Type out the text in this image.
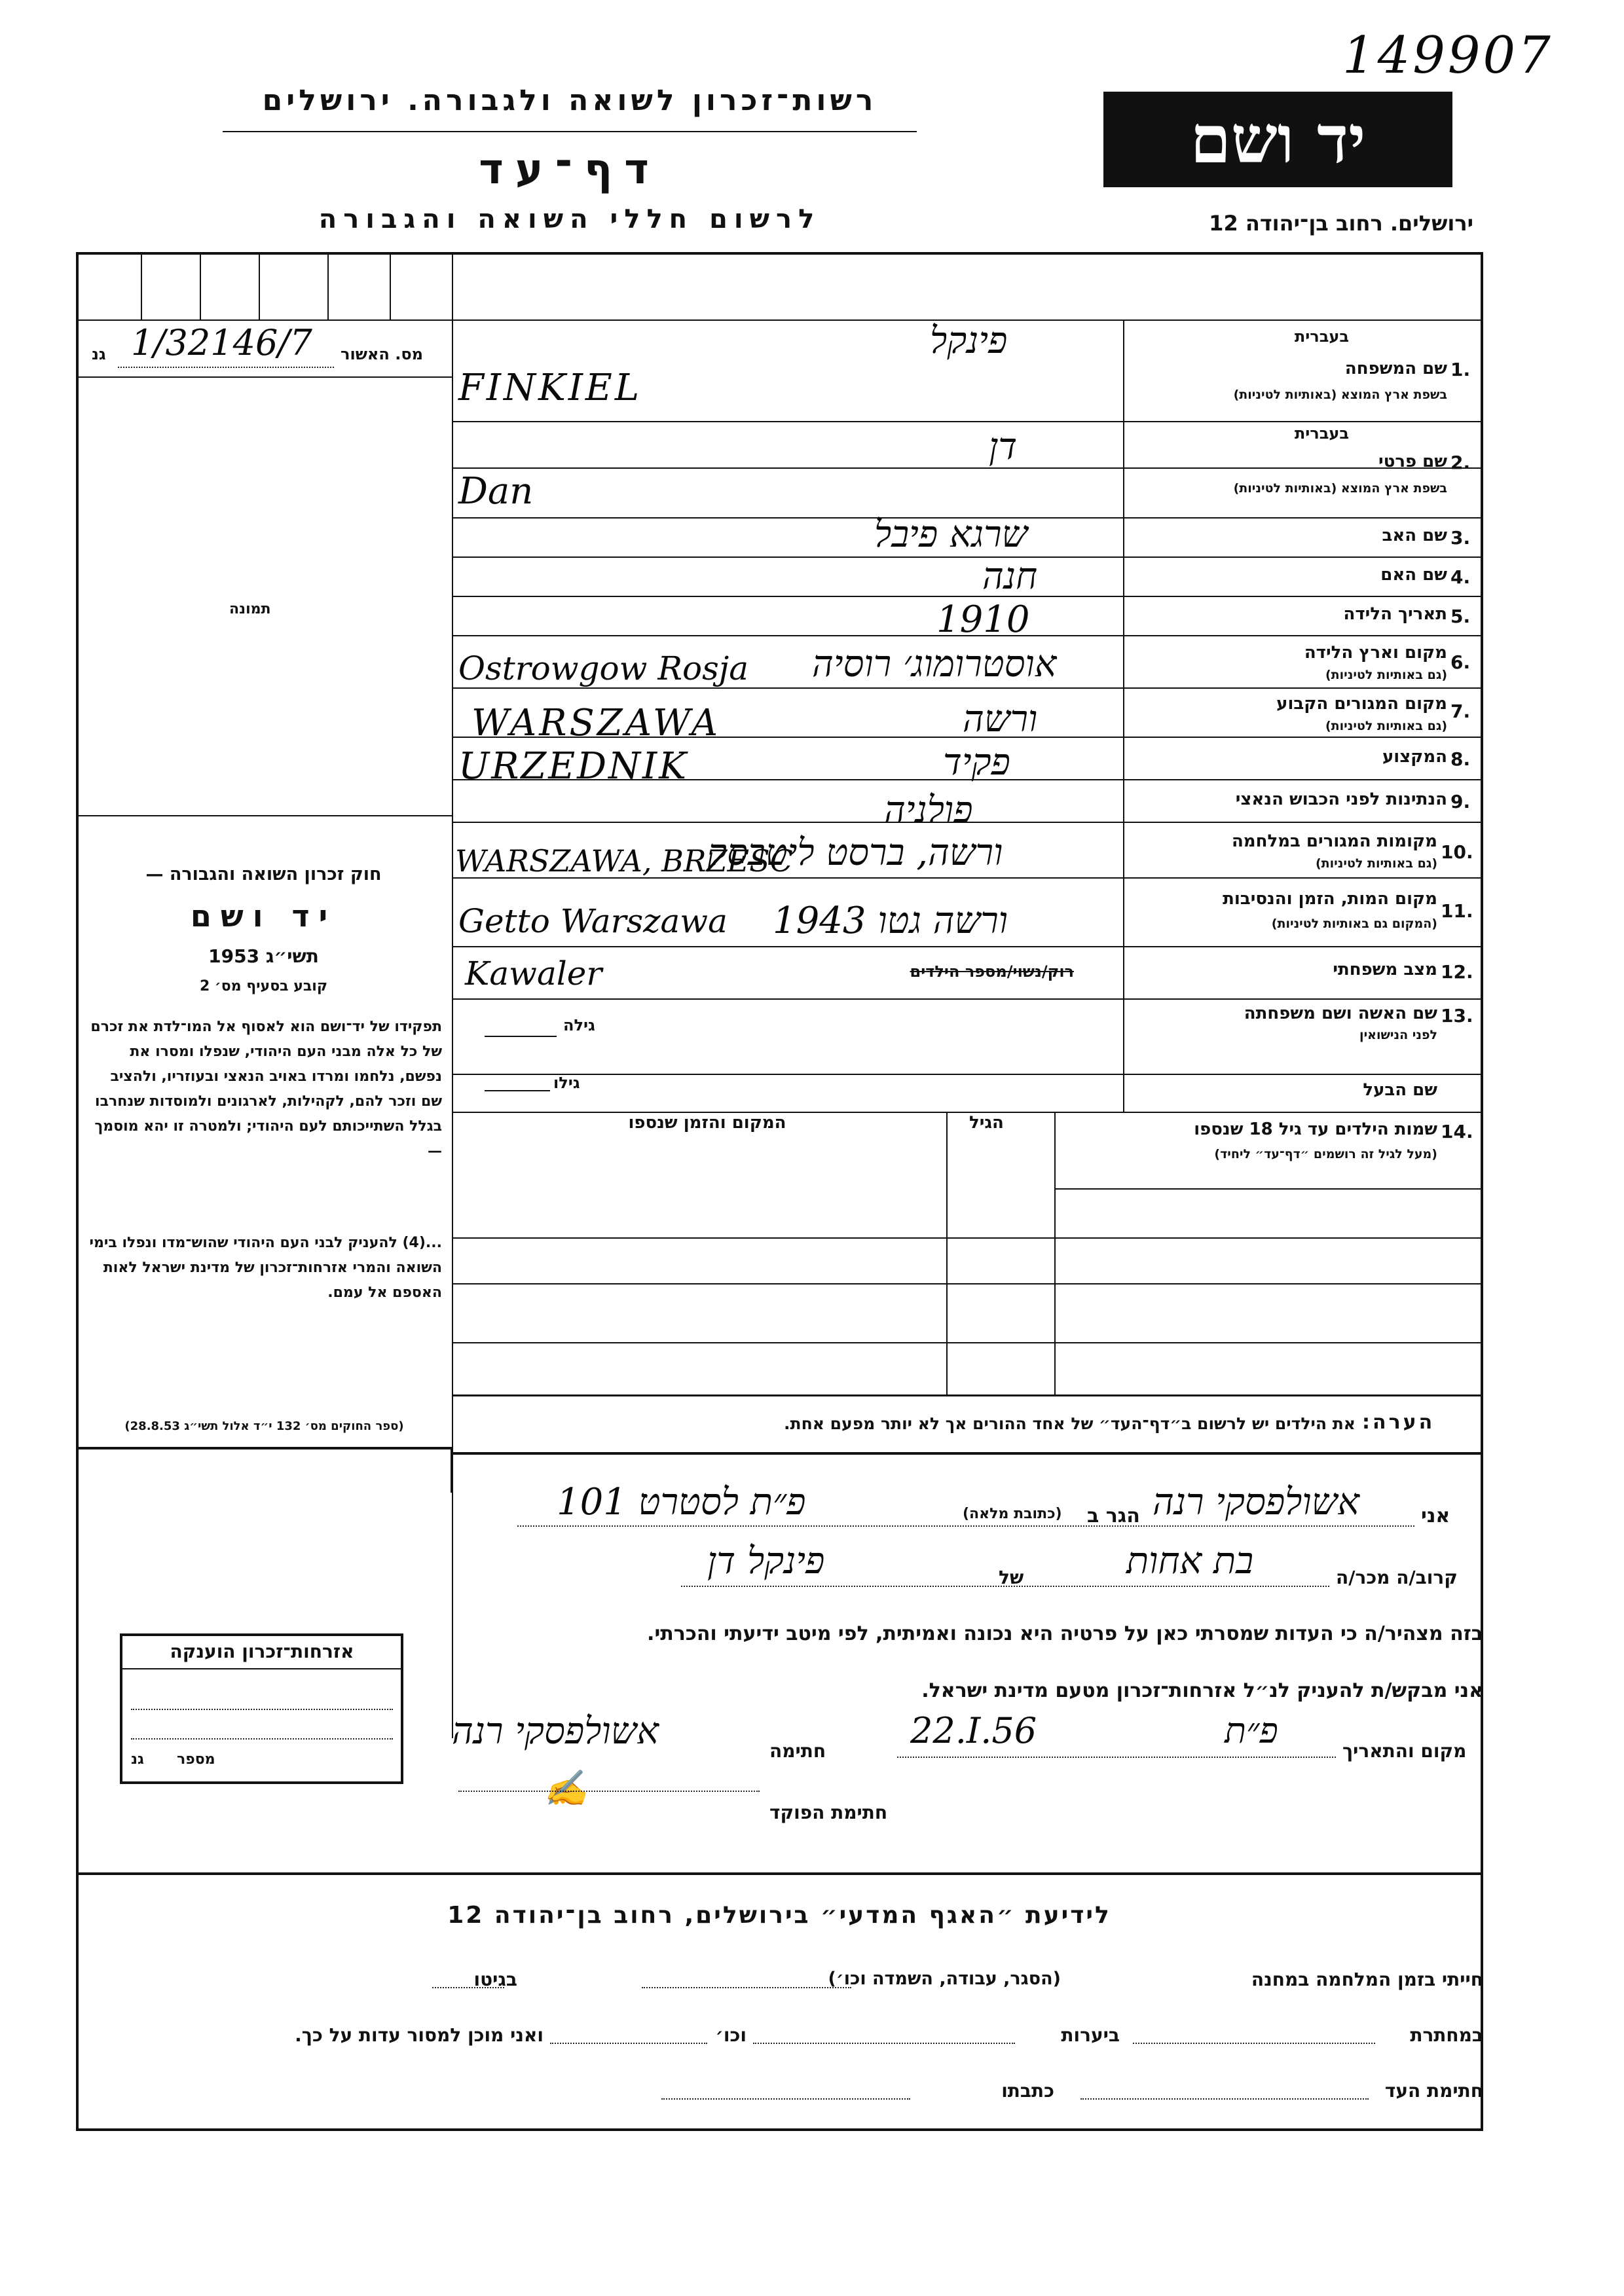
149907
רשות־זכרון לשואה ולגבורה. ירושלים
דף־עד
לרשום חללי השואה והגבורה
יד ושם
ירושלים. רחוב בן־יהודה 12
מס. האשור
גנ 1/32146/7
תמונה
חוק זכרון השואה והגבורה —
יד ושם
תשי״ג 1953
קובע בסעיף מס׳ 2
תפקידו של יד־ושם הוא לאסוף אל המו־לדת את זכרם של כל אלה מבני העם היהודי, שנפלו ומסרו את נפשם, נלחמו ומרדו באויב הנאצי ובעוזריו, ולהציב שם וזכר להם, לקהילות, לארגונים ולמוסדות שנחרבו בגלל השתייכותם לעם היהודי; ולמטרה זו יהא מוסמך —
...(4) להעניק לבני העם היהודי שהוש־מדו ונפלו בימי השואה והמרי אזרחות־זכרון של מדינת ישראל לאות האספם אל עמם.
(ספר החוקים מס׳ 132 י״ד אלול תשי״ג 28.8.53)
אזרחות־זכרון הוענקה
מספר
גנ
1.
שם המשפחה
בשפת ארץ המוצא (באותיות לטיניות)
בעברית
2.
שם פרטי
בשפת ארץ המוצא (באותיות לטיניות)
בעברית
3.
שם האב
4.
שם האם
5.
תאריך הלידה
6.
מקום וארץ הלידה
(גם באותיות לטיניות)
7.
מקום המגורים הקבוע
(גם באותיות לטיניות)
8.
המקצוע
9.
הנתינות לפני הכבוש הנאצי
10.
מקומות המגורים במלחמה
(גם באותיות לטיניות)
11.
מקום המות, הזמן והנסיבות
(המקום גם באותיות לטיניות)
12.
מצב משפחתי
רוק/נשוי/מספר הילדים
13.
שם האשה ושם משפחתה
לפני הנישואין
גילה
שם הבעל
גילו
14.
שמות הילדים עד גיל 18 שנספו
(מעל לגיל זה רושמים ״דף־עד״ ליחיד)
הגיל
המקום והזמן שנספו
פינקל
FINKIEL
דן
Dan
שרגא פיבל
חנה
1910
אוסטרומוג׳ רוסיה
Ostrowgow Rosja
ורשה
WARSZAWA
פקיד
URZEDNIK
פולניה
ורשה, ברסט ליטבסק
WARSZAWA, BRZESC
ורשה גטו 1943
Getto Warszawa
Kawaler
הערה:
את הילדים יש לרשום ב״דף־העד״ של אחד ההורים אך לא יותר מפעם אחת.
אני
אשולפסקי רנה
הגר ב
(כתובת מלאה)
פ״ת לסטרט 101
קרוב/ה מכר/ה
בת אחות
של
פינקל דן
בזה מצהיר/ה כי העדות שמסרתי כאן על פרטיה היא נכונה ואמיתית, לפי מיטב ידיעתי והכרתי.
אני מבקש/ת להעניק לנ״ל אזרחות־זכרון מטעם מדינת ישראל.
מקום והתאריך
פ״ת
22.I.56
חתימה
אשולפסקי רנה
✍
חתימת הפוקד
לידיעת ״האגף המדעי״ בירושלים, רחוב בן־יהודה 12
חייתי בזמן המלחמה במחנה
(הסגר, עבודה, השמדה וכו׳)
בגיטו
במחתרת
ביערות
וכו׳
ואני מוכן למסור עדות על כך.
חתימת העד
כתבתו
